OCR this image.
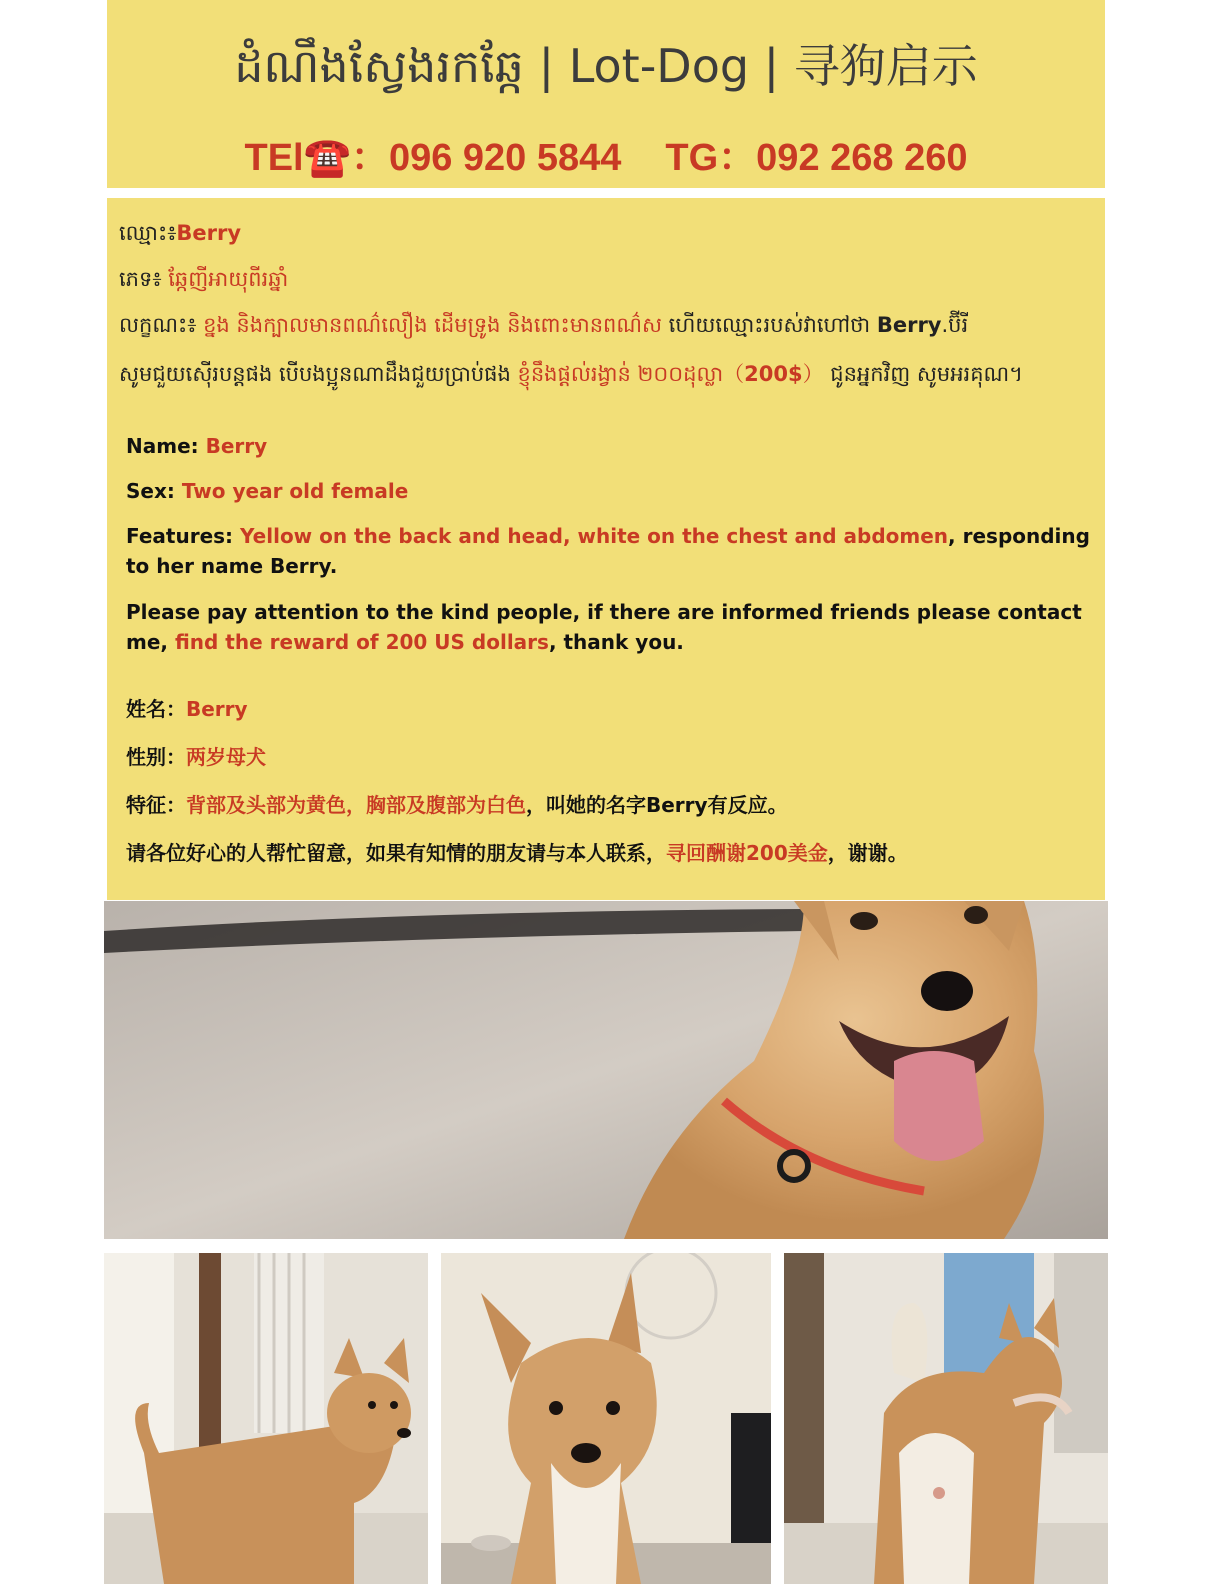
ដំណឹងស្វែងរកឆ្កែ | Lot-Dog | 寻狗启示
TEl☎️：096 920 5844 TG：092 268 260
ឈ្មោះ៖Berry
ភេទ៖ ឆ្កែញីអាយុពីរឆ្នាំ
លក្ខណះ៖ ខ្នង និងក្បាលមានពណ៌លឿង ដើមទ្រូង និងពោះមានពណ៌ស ហើយឈ្មោះរបស់វាហៅថា Berry.ប៊ីរី
សូមជួយស៊ើរបន្តផង បើបងប្អូនណាដឹងជួយប្រាប់ផង ខ្ញុំនឹងផ្តល់រង្វាន់ ២០០ដុល្លា（200$） ជូនអ្នកវិញ សូមអរគុណ។
Name: Berry
Sex: Two year old female
Features: Yellow on the back and head, white on the chest and abdomen, responding to her name Berry.
Please pay attention to the kind people, if there are informed friends please contact me, find the reward of 200 US dollars, thank you.
姓名：Berry
性别：两岁母犬
特征：背部及头部为黄色，胸部及腹部为白色，叫她的名字Berry有反应。
请各位好心的人帮忙留意，如果有知情的朋友请与本人联系，寻回酬谢200美金，谢谢。
